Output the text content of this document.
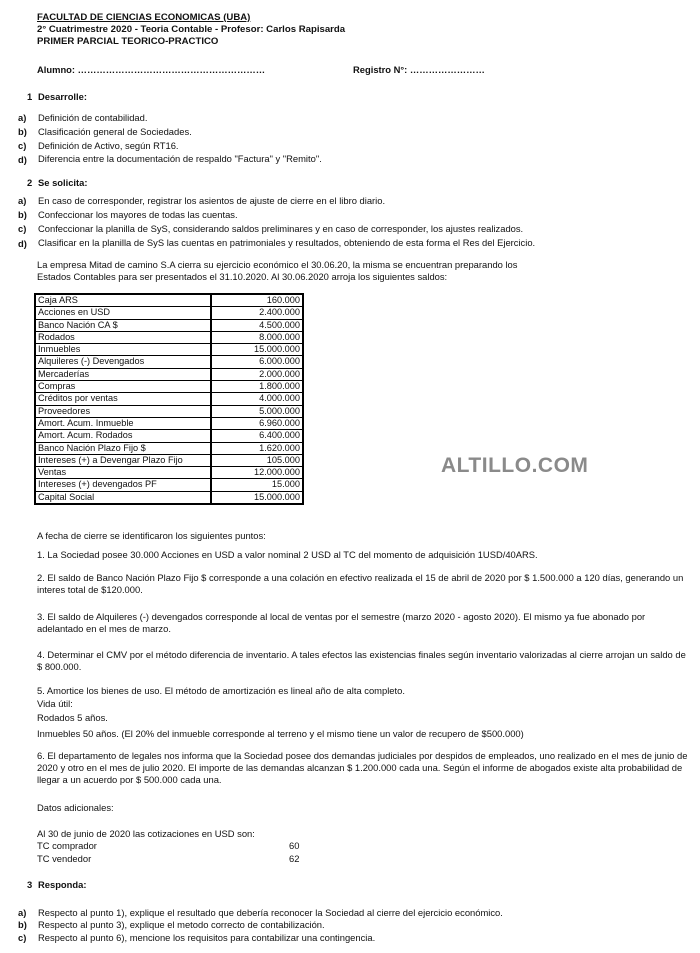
FACULTAD DE CIENCIAS ECONOMICAS (UBA)
2° Cuatrimestre 2020 - Teoria Contable - Profesor: Carlos Rapisarda
PRIMER PARCIAL TEORICO-PRACTICO
Alumno: ……………………………………………………	Registro N°: ……………………
1 Desarrolle:
a) Definición de contabilidad.
b) Clasificación general de Sociedades.
c) Definición de Activo, según RT16.
d) Diferencia entre la documentación de respaldo "Factura" y "Remito".
2 Se solicita:
a) En caso de corresponder, registrar los asientos de ajuste de cierre en el libro diario.
b) Confeccionar los mayores de todas las cuentas.
c) Confeccionar la planilla de SyS, considerando saldos preliminares y en caso de corresponder, los ajustes realizados.
d) Clasificar en la planilla de SyS las cuentas en patrimoniales y resultados, obteniendo de esta forma el Res del Ejercicio.
La empresa Mitad de camino S.A cierra su ejercicio económico el 30.06.20, la misma se encuentran preparando los
Estados Contables para ser presentados el 31.10.2020. Al 30.06.2020 arroja los siguientes saldos:
Caja ARS	160.000
Acciones en USD	2.400.000
Banco Nación CA $	4.500.000
Rodados	8.000.000
Inmuebles	15.000.000
Alquileres (-) Devengados	6.000.000
Mercaderías	2.000.000
Compras	1.800.000
Créditos por ventas	4.000.000
Proveedores	5.000.000
Amort. Acum. Inmueble	6.960.000
Amort. Acum. Rodados	6.400.000
Banco Nación Plazo Fijo $	1.620.000
Intereses (+) a Devengar Plazo Fijo	105.000
Ventas	12.000.000
Intereses (+) devengados PF	15.000
Capital Social	15.000.000
ALTILLO.COM
A fecha de cierre se identificaron los siguientes puntos:
1. La Sociedad posee 30.000 Acciones en USD a valor nominal 2 USD al TC del momento de adquisición 1USD/40ARS.
2. El saldo de Banco Nación Plazo Fijo $ corresponde a una colación en efectivo realizada el 15 de abril de 2020 por $ 1.500.000 a 120 días, generando un interes total de $120.000.
3. El saldo de Alquileres (-) devengados corresponde al local de ventas por el semestre (marzo 2020 - agosto 2020). El mismo ya fue abonado por adelantado en el mes de marzo.
4. Determinar el CMV por el método diferencia de inventario. A tales efectos las existencias finales según inventario valorizadas al cierre arrojan un saldo de $ 800.000.
5. Amortice los bienes de uso. El método de amortización es lineal año de alta completo.
Vida útil:
Rodados 5 años.
Inmuebles 50 años. (El 20% del inmueble corresponde al terreno y el mismo tiene un valor de recupero de $500.000)
6. El departamento de legales nos informa que la Sociedad posee dos demandas judiciales por despidos de empleados, uno realizado en el mes de junio de 2020 y otro en el mes de julio 2020. El importe de las demandas alcanzan $ 1.200.000 cada una. Según el informe de abogados existe alta probabilidad de llegar a un acuerdo por $ 500.000 cada una.
Datos adicionales:
Al 30 de junio de 2020 las cotizaciones en USD son:
TC comprador	60
TC vendedor	62
3 Responda:
a) Respecto al punto 1), explique el resultado que debería reconocer la Sociedad al cierre del ejercicio económico.
b) Respecto al punto 3), explique el metodo correcto de contabilización.
c) Respecto al punto 6), mencione los requisitos para contabilizar una contingencia.
